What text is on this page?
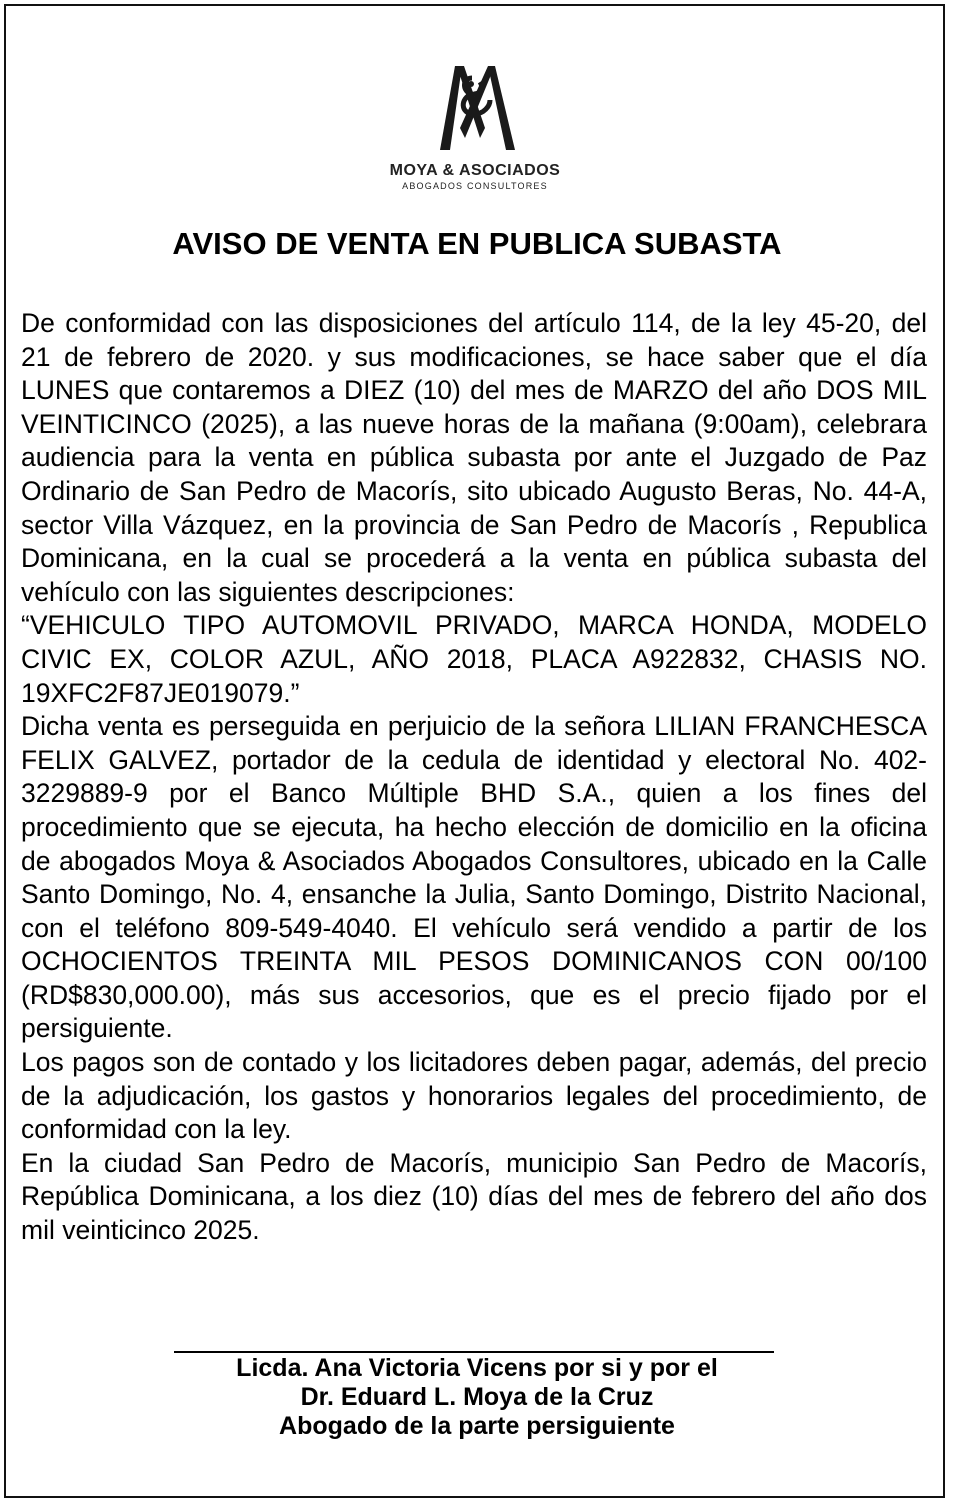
MOYA & ASOCIADOS
ABOGADOS CONSULTORES
AVISO DE VENTA EN PUBLICA SUBASTA

De conformidad con las disposiciones del artículo 114, de la ley 45-20, del 21 de febrero de 2020. y sus modificaciones, se hace saber que el día LUNES que contaremos a DIEZ (10) del mes de MARZO del año DOS MIL VEINTICINCO (2025), a las nueve horas de la mañana (9:00am), celebrara audiencia para la venta en pública subasta por ante el Juzgado de Paz Ordinario de San Pedro de Macorís, sito ubicado Augusto Beras, No. 44-A, sector Villa Vázquez, en la provincia de San Pedro de Macorís , Republica Dominicana, en la cual se procederá a la venta en pública subasta del vehículo con las siguientes descripciones:

“VEHICULO TIPO AUTOMOVIL PRIVADO, MARCA HONDA, MODELO CIVIC EX, COLOR AZUL, AÑO 2018, PLACA A922832, CHASIS NO. 19XFC2F87JE019079.”

Dicha venta es perseguida en perjuicio de la señora LILIAN FRANCHESCA FELIX GALVEZ, portador de la cedula de identidad y electoral No. 402-3229889-9 por el Banco Múltiple BHD S.A., quien a los fines del procedimiento que se ejecuta, ha hecho elección de domicilio en la oficina de abogados Moya & Asociados Abogados Consultores, ubicado en la Calle Santo Domingo, No. 4, ensanche la Julia, Santo Domingo, Distrito Nacional, con el teléfono 809-549-4040. El vehículo será vendido a partir de los OCHOCIENTOS TREINTA MIL PESOS DOMINICANOS CON 00/100 (RD$830,000.00), más sus accesorios, que es el precio fijado por el persiguiente.

Los pagos son de contado y los licitadores deben pagar, además, del precio de la adjudicación, los gastos y honorarios legales del procedimiento, de conformidad con la ley.

En la ciudad San Pedro de Macorís, municipio San Pedro de Macorís, República Dominicana, a los diez (10) días del mes de febrero del año dos mil veinticinco 2025.

Licda. Ana Victoria Vicens por si y por el
Dr. Eduard L. Moya de la Cruz
Abogado de la parte persiguiente
